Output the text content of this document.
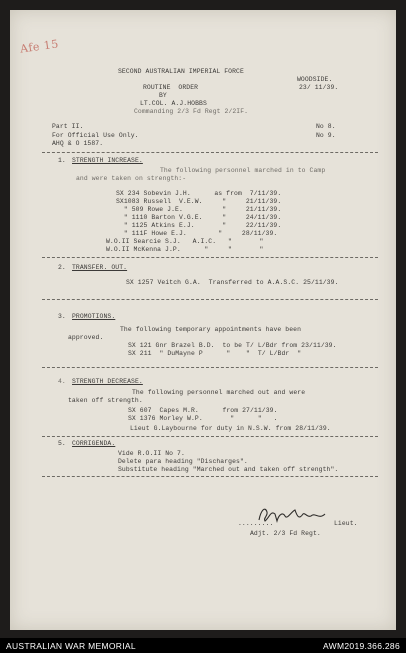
Afe 15
SECOND AUSTRALIAN IMPERIAL FORCE
ROUTINE  ORDER
BY
LT.COL. A.J.HOBBS
Commanding 2/3 Fd Regt 2/2IF.
WOODSIDE.
23/ 11/39.
Part II.
For Official Use Only.
AHQ & O 1587.
No 8.
No 9.
1. STRENGTH INCREASE.
The following personnel marched in to Camp
and were taken on strength:-
SX 234 Sobevin J.H.      as from  7/11/39.
SX1083 Russell  V.E.W.     "     21/11/39.
" 509 Rowe J.E.          "     21/11/39.
" 1110 Barton V.G.E.     "     24/11/39.
" 1125 Atkins E.J.       "     22/11/39.
" 111F Howe E.J.        "     28/11/39.
W.O.II Searcie S.J.   A.I.C.   "       "
W.O.II McKenna J.P.      "     "       "
2. TRANSFER. OUT.
SX 1257 Veitch G.A.  Transferred to A.A.S.C. 25/11/39.
3. PROMOTIONS.
The following temporary appointments have been
approved.
SX 121 Gnr Brazel B.D.  to be T/ L/Bdr from 23/11/39.
SX 211  " DuMayne P      "    "  T/ L/Bdr  "
4. STRENGTH DECREASE.
The following personnel marched out and were
taken off strength.
SX 607  Capes M.R.      from 27/11/39.
SX 1376 Morley W.P.       "      "   .
Lieut G.Laybourne for duty in N.S.W. from 28/11/39.
5. CORRIGENDA.
Vide R.O.II No 7.
Delete para heading "Discharges".
Substitute heading "Marched out and taken off strength".
Rd.Nevd
.........	Lieut.
Adjt. 2/3 Fd Regt.
AUSTRALIAN WAR MEMORIAL	AWM2019.366.286
